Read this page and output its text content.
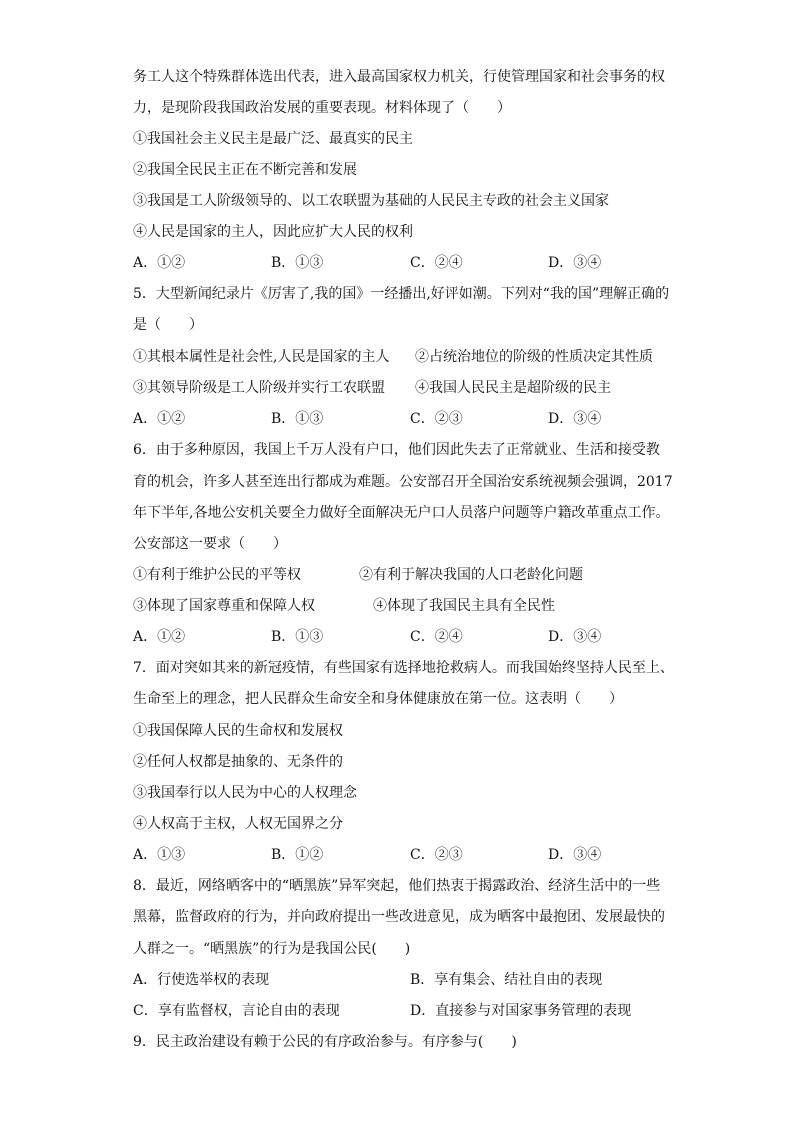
务工人这个特殊群体选出代表，进入最高国家权力机关，行使管理国家和社会事务的权
力，是现阶段我国政治发展的重要表现。材料体现了（　　）
①我国社会主义民主是最广泛、最真实的民主
②我国全民民主正在不断完善和发展
③我国是工人阶级领导的、以工农联盟为基础的人民民主专政的社会主义国家
④人民是国家的主人，因此应扩大人民的权利
A．①②	B．①③	C．②④	D．③④
5．大型新闻纪录片《厉害了,我的国》一经播出,好评如潮。下列对“我的国”理解正确的
是（　　）
①其根本属性是社会性,人民是国家的主人 ②占统治地位的阶级的性质决定其性质
③其领导阶级是工人阶级并实行工农联盟 ④我国人民民主是超阶级的民主
A．①②	B．①③	C．②③	D．③④
6．由于多种原因，我国上千万人没有户口，他们因此失去了正常就业、生活和接受教
育的机会，许多人甚至连出行都成为难题。公安部召开全国治安系统视频会强调，2017
年下半年,各地公安机关要全力做好全面解决无户口人员落户问题等户籍改革重点工作。
公安部这一要求（　　）
①有利于维护公民的平等权	②有利于解决我国的人口老龄化问题
③体现了国家尊重和保障人权	④体现了我国民主具有全民性
A．①②	B．①③	C．②④	D．③④
7．面对突如其来的新冠疫情，有些国家有选择地抢救病人。而我国始终坚持人民至上、
生命至上的理念，把人民群众生命安全和身体健康放在第一位。这表明（　　）
①我国保障人民的生命权和发展权
②任何人权都是抽象的、无条件的
③我国奉行以人民为中心的人权理念
④人权高于主权，人权无国界之分
A．①③	B．①②	C．②③	D．③④
8．最近，网络晒客中的“晒黑族”异军突起，他们热衷于揭露政治、经济生活中的一些
黑幕，监督政府的行为，并向政府提出一些改进意见，成为晒客中最抱团、发展最快的
人群之一。“晒黑族”的行为是我国公民(　　)
A．行使选举权的表现	B．享有集会、结社自由的表现
C．享有监督权，言论自由的表现	D．直接参与对国家事务管理的表现
9．民主政治建设有赖于公民的有序政治参与。有序参与(　　)
